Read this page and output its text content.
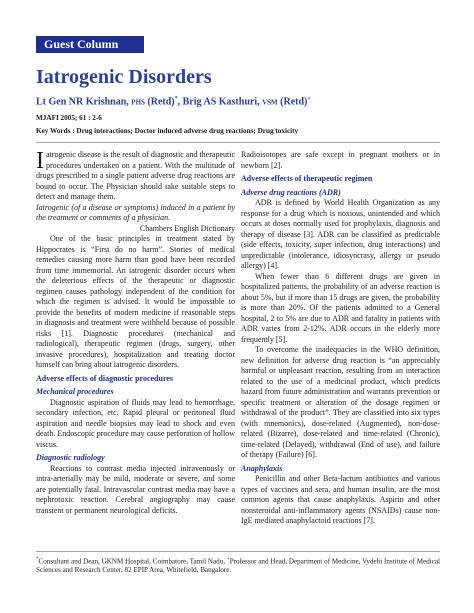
Guest Column
Iatrogenic Disorders
Lt Gen NR Krishnan, PHS (Retd)*, Brig AS Kasthuri, VSM (Retd)+
MJAFI 2005; 61 : 2-6
Key Words : Drug interactions; Doctor induced adverse drug reactions; Drug toxicity

Iatrogenic disease is the result of diagnostic and therapeutic procedures undertaken on a patient. With the multitude of drugs prescribed to a single patient adverse drug reactions are bound to occur. The Physician should take suitable steps to detect and manage them.

Iatrogenic (of a disease or symptoms) induced in a patient by the treatment or comments of a physician.

Chambers English Dictionary

One of the basic principles in treatment stated by Hippocrates is “First do no harm”. Stories of medical remedies causing more harm than good have been recorded from time immemorial. An iatrogenic disorder occurs when the deleterious effects of the therapeutic or diagnostic regimen causes pathology independent of the condition for which the regimen is advised. It would be impossible to provide the benefits of modern medicine if reasonable steps in diagnosis and treatment were withheld because of possible risks [1]. Diagnostic procedures (mechanical and radiological), therapeutic regimen (drugs, surgery, other invasive procedures), hospitalization and treating doctor himself can bring about iatrogenic disorders.

Adverse effects of diagnostic procedures

Mechanical procedures

Diagnostic aspiration of fluids may lead to hemorrhage, secondary infection, etc. Rapid pleural or peritoneal fluid aspiration and needle biopsies may lead to shock and even death. Endoscopic procedure may cause perforation of hollow viscus.

Diagnostic radiology

Reactions to contrast media injected intravenously or intra-arterially may be mild, moderate or severe, and some are potentially fatal. Intravascular contrast media may have a nephrotoxic reaction. Cerebral angiography may cause transient or permanent neurological deficits.

Radioisotopes are safe except in pregnant mothers or in newborn [2].

Adverse effects of therapeutic regimen

Adverse drug reactions (ADR)

ADR is defined by World Health Organization as any response for a drug which is noxious, unintended and which occurs at doses normally used for prophylaxis, diagnosis and therapy of disease [3]. ADR can be classified as predictable (side effects, toxicity, super infection, drug interactions) and unpredictable (intolerance, idiosyncrasy, allergy or pseudo allergy) [4].

When fewer than 6 different drugs are given in hospitalized patients, the probability of an adverse reaction is about 5%, but if more than 15 drugs are given, the probability is more than 20%. Of the patients admitted to a General hospital, 2 to 5% are due to ADR and fatality in patients with ADR varies from 2-12%. ADR occurs in the elderly more frequently [5].

To overcome the inadequacies in the WHO definition, new definition for adverse drug reaction is “an appreciably harmful or unpleasant reaction, resulting from an interaction related to the use of a medicinal product, which predicts hazard from future administration and warrants prevention or specific treatment or alteration of the dosage regimen or withdrawal of the product”. They are classified into six types (with mnemonics), dose-related (Augmented), non-dose-related (Bizarre), dose-related and time-related (Chronic), time-related (Delayed), withdrawal (End of use), and failure of therapy (Failure) [6].

Anaphylaxis

Penicillin and other Beta-lactum antibiotics and various types of vaccines and sera, and human insulin, are the most common agents that cause anaphylaxis. Aspirin and other nonsteroidal anti-inflammatory agents (NSAIDs) cause non-IgE mediated anaphylactoid reactions [7].

*Consultant and Dean, GKNM Hospital, Coimbatore, Tamil Nadu, +Professor and Head, Department of Medicine, Vydehi Institute of Medical Sciences and Research Center, 82 EPIP Area, Whitefield, Bangalore.
